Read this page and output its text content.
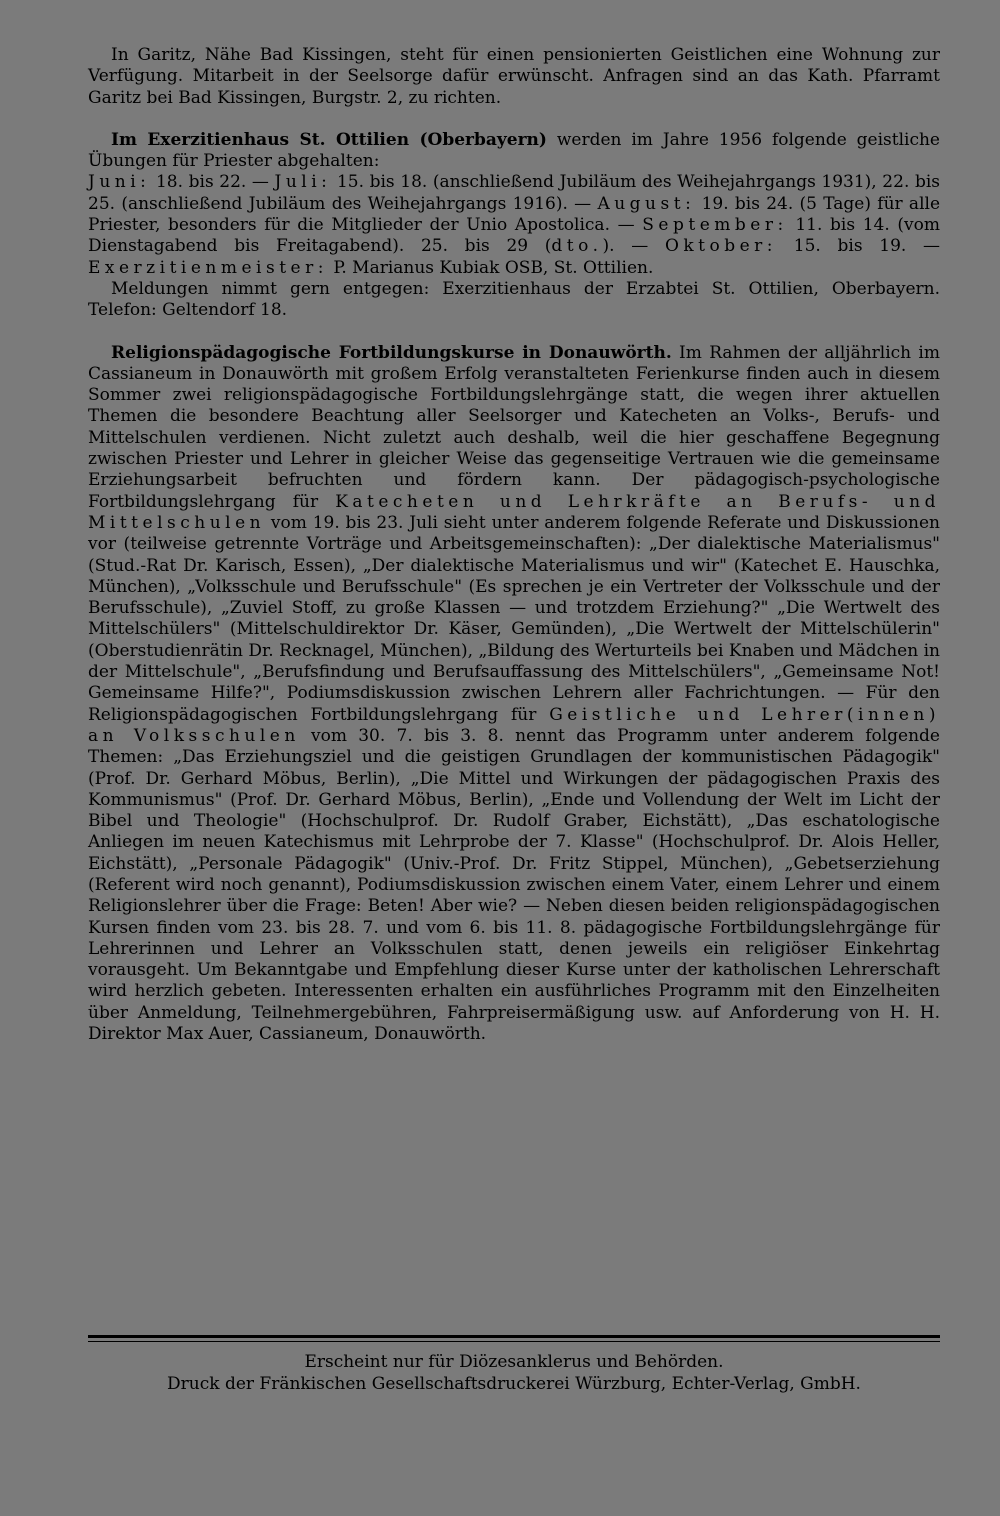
In Garitz, Nähe Bad Kissingen, steht für einen pensionierten Geistlichen eine Wohnung zur Verfügung. Mitarbeit in der Seelsorge dafür erwünscht. Anfragen sind an das Kath. Pfarramt Garitz bei Bad Kissingen, Burgstr. 2, zu richten.

Im Exerzitienhaus St. Ottilien (Oberbayern) werden im Jahre 1956 folgende geistliche Übungen für Priester abgehalten:

Juni: 18. bis 22. — Juli: 15. bis 18. (anschließend Jubiläum des Weihejahrgangs 1931), 22. bis 25. (anschließend Jubiläum des Weihejahrgangs 1916). — August: 19. bis 24. (5 Tage) für alle Priester, besonders für die Mitglieder der Unio Apostolica. — September: 11. bis 14. (vom Dienstagabend bis Freitagabend). 25. bis 29 (dto.). — Oktober: 15. bis 19. — Exerzitienmeister: P. Marianus Kubiak OSB, St. Ottilien.

Meldungen nimmt gern entgegen: Exerzitienhaus der Erzabtei St. Ottilien, Oberbayern. Telefon: Geltendorf 18.

Religionspädagogische Fortbildungskurse in Donauwörth. Im Rahmen der alljährlich im Cassianeum in Donauwörth mit großem Erfolg veranstalteten Ferienkurse finden auch in diesem Sommer zwei religionspädagogische Fortbildungslehrgänge statt, die wegen ihrer aktuellen Themen die besondere Beachtung aller Seelsorger und Katecheten an Volks-, Berufs- und Mittelschulen verdienen. Nicht zuletzt auch deshalb, weil die hier geschaffene Begegnung zwischen Priester und Lehrer in gleicher Weise das gegenseitige Vertrauen wie die gemeinsame Erziehungsarbeit befruchten und fördern kann. Der pädagogisch-psychologische Fortbildungslehrgang für Katecheten und Lehrkräfte an Berufs- und Mittelschulen vom 19. bis 23. Juli sieht unter anderem folgende Referate und Diskussionen vor (teilweise getrennte Vorträge und Arbeitsgemeinschaften): „Der dialektische Materialismus" (Stud.-Rat Dr. Karisch, Essen), „Der dialektische Materialismus und wir" (Katechet E. Hauschka, München), „Volksschule und Berufsschule" (Es sprechen je ein Vertreter der Volksschule und der Berufsschule), „Zuviel Stoff, zu große Klassen — und trotzdem Erziehung?" „Die Wertwelt des Mittelschülers" (Mittelschuldirektor Dr. Käser, Gemünden), „Die Wertwelt der Mittelschülerin" (Oberstudienrätin Dr. Recknagel, München), „Bildung des Werturteils bei Knaben und Mädchen in der Mittelschule", „Berufsfindung und Berufsauffassung des Mittelschülers", „Gemeinsame Not! Gemeinsame Hilfe?", Podiumsdiskussion zwischen Lehrern aller Fachrichtungen. — Für den Religionspädagogischen Fortbildungslehrgang für Geistliche und Lehrer(innen) an Volksschulen vom 30. 7. bis 3. 8. nennt das Programm unter anderem folgende Themen: „Das Erziehungsziel und die geistigen Grundlagen der kommunistischen Pädagogik" (Prof. Dr. Gerhard Möbus, Berlin), „Die Mittel und Wirkungen der pädagogischen Praxis des Kommunismus" (Prof. Dr. Gerhard Möbus, Berlin), „Ende und Vollendung der Welt im Licht der Bibel und Theologie" (Hochschulprof. Dr. Rudolf Graber, Eichstätt), „Das eschatologische Anliegen im neuen Katechismus mit Lehrprobe der 7. Klasse" (Hochschulprof. Dr. Alois Heller, Eichstätt), „Personale Pädagogik" (Univ.-Prof. Dr. Fritz Stippel, München), „Gebetserziehung (Referent wird noch genannt), Podiumsdiskussion zwischen einem Vater, einem Lehrer und einem Religionslehrer über die Frage: Beten! Aber wie? — Neben diesen beiden religionspädagogischen Kursen finden vom 23. bis 28. 7. und vom 6. bis 11. 8. pädagogische Fortbildungslehrgänge für Lehrerinnen und Lehrer an Volksschulen statt, denen jeweils ein religiöser Einkehrtag vorausgeht. Um Bekanntgabe und Empfehlung dieser Kurse unter der katholischen Lehrerschaft wird herzlich gebeten. Interessenten erhalten ein ausführliches Programm mit den Einzelheiten über Anmeldung, Teilnehmergebühren, Fahrpreisermäßigung usw. auf Anforderung von H. H. Direktor Max Auer, Cassianeum, Donauwörth.

Erscheint nur für Diözesanklerus und Behörden.
Druck der Fränkischen Gesellschaftsdruckerei Würzburg, Echter-Verlag, GmbH.
